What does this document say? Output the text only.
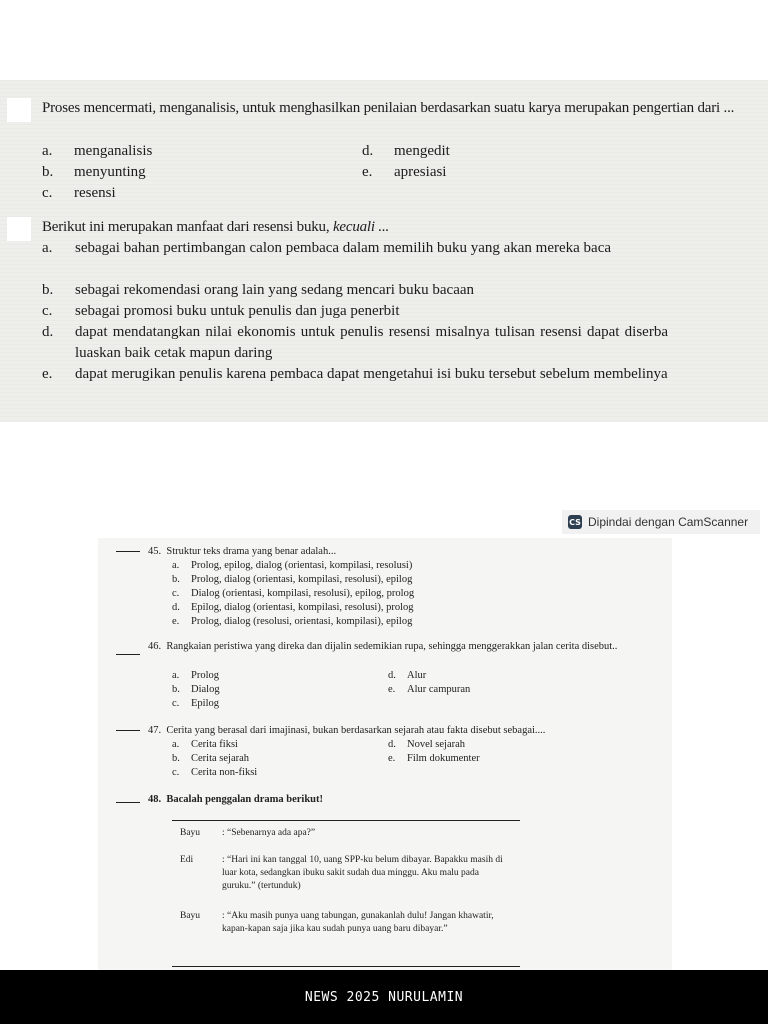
Proses mencermati, menganalisis, untuk menghasilkan penilaian berdasarkan suatu karya merupakan pengertian dari ...
a. menganalisis
b. menyunting
c. resensi
d. mengedit
e. apresiasi
Berikut ini merupakan manfaat dari resensi buku, kecuali ...
a. sebagai bahan pertimbangan calon pembaca dalam memilih buku yang akan mereka baca
b. sebagai rekomendasi orang lain yang sedang mencari buku bacaan
c. sebagai promosi buku untuk penulis dan juga penerbit
d. dapat mendatangkan nilai ekonomis untuk penulis resensi misalnya tulisan resensi dapat diserba luaskan baik cetak mapun daring
e. dapat merugikan penulis karena pembaca dapat mengetahui isi buku tersebut sebelum membelinya
CS Dipindai dengan CamScanner
45. Struktur teks drama yang benar adalah...
a. Prolog, epilog, dialog (orientasi, kompilasi, resolusi)
b. Prolog, dialog (orientasi, kompilasi, resolusi), epilog
c. Dialog (orientasi, kompilasi, resolusi), epilog, prolog
d. Epilog, dialog (orientasi, kompilasi, resolusi), prolog
e. Prolog, dialog (resolusi, orientasi, kompilasi), epilog
46. Rangkaian peristiwa yang direka dan dijalin sedemikian rupa, sehingga menggerakkan jalan cerita disebut..
a. Prolog
b. Dialog
c. Epilog
d. Alur
e. Alur campuran
47. Cerita yang berasal dari imajinasi, bukan berdasarkan sejarah atau fakta disebut sebagai....
a. Cerita fiksi
b. Cerita sejarah
c. Cerita non-fiksi
d. Novel sejarah
e. Film dokumenter
48. Bacalah penggalan drama berikut!
Bayu : “Sebenarnya ada apa?”
Edi	: “Hari ini kan tanggal 10, uang SPP-ku belum dibayar. Bapakku masih di luar kota, sedangkan ibuku sakit sudah dua minggu. Aku malu pada guruku.” (tertunduk)
Bayu : “Aku masih punya uang tabungan, gunakanlah dulu! Jangan khawatir, kapan-kapan saja jika kau sudah punya uang baru dibayar.”
NEWS 2025 NURULAMIN
